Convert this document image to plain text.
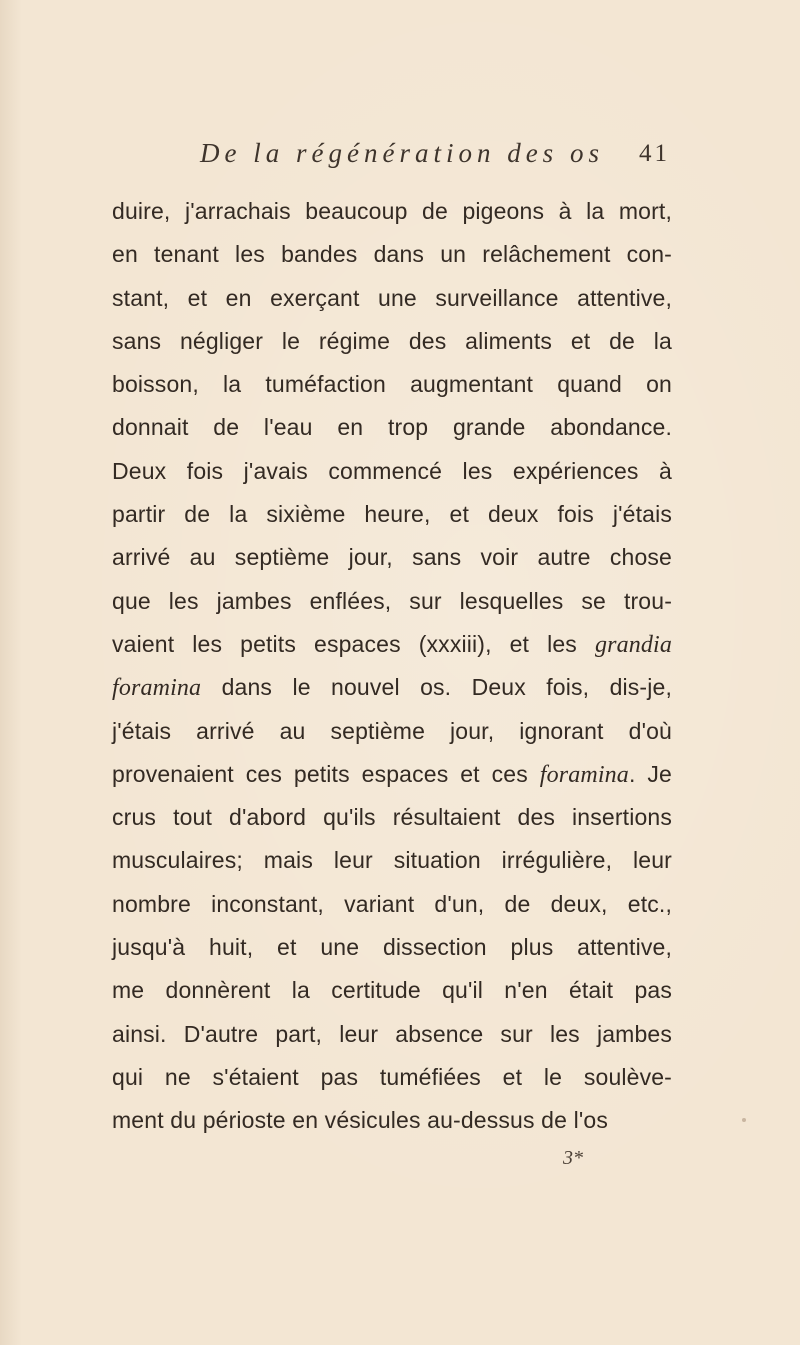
De la régénération des os 41
duire, j'arrachais beaucoup de pigeons à la mort,
en tenant les bandes dans un relâchement con-
stant, et en exerçant une surveillance attentive,
sans négliger le régime des aliments et de la
boisson, la tuméfaction augmentant quand on
donnait de l'eau en trop grande abondance.
Deux fois j'avais commencé les expériences à
partir de la sixième heure, et deux fois j'étais
arrivé au septième jour, sans voir autre chose
que les jambes enflées, sur lesquelles se trou-
vaient les petits espaces (xxxiii), et les grandia
foramina dans le nouvel os. Deux fois, dis-je,
j'étais arrivé au septième jour, ignorant d'où
provenaient ces petits espaces et ces foramina. Je
crus tout d'abord qu'ils résultaient des insertions
musculaires; mais leur situation irrégulière, leur
nombre inconstant, variant d'un, de deux, etc.,
jusqu'à huit, et une dissection plus attentive,
me donnèrent la certitude qu'il n'en était pas
ainsi. D'autre part, leur absence sur les jambes
qui ne s'étaient pas tuméfiées et le soulève-
ment du périoste en vésicules au-dessus de l'os
3*
